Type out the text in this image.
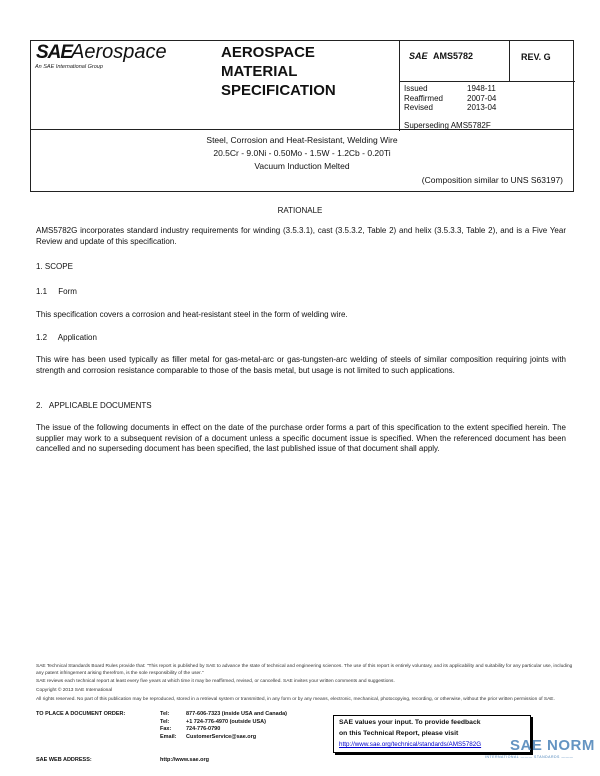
SAE
Aerospace
An SAE International Group
AEROSPACE
MATERIAL
SPECIFICATION
SAE AMS5782	REV. G
Issued	1948-11
Reaffirmed	2007-04
Revised	2013-04
Superseding AMS5782F
Steel, Corrosion and Heat-Resistant, Welding Wire
20.5Cr - 9.0Ni - 0.50Mo - 1.5W - 1.2Cb - 0.20Ti
Vacuum Induction Melted
(Composition similar to UNS S63197)
RATIONALE
AMS5782G incorporates standard industry requirements for winding (3.5.3.1), cast (3.5.3.2, Table 2) and helix (3.5.3.3, Table 2), and is a Five Year Review and update of this specification.
1. SCOPE
1.1     Form
This specification covers a corrosion and heat-resistant steel in the form of welding wire.
1.2     Application
This wire has been used typically as filler metal for gas-metal-arc or gas-tungsten-arc welding of steels of similar composition requiring joints with strength and corrosion resistance comparable to those of the basis metal, but usage is not limited to such applications.
2.   APPLICABLE DOCUMENTS
The issue of the following documents in effect on the date of the purchase order forms a part of this specification to the extent specified herein. The supplier may work to a subsequent revision of a document unless a specific document issue is specified. When the referenced document has been cancelled and no superseding document has been specified, the last published issue of that document shall apply.
SAE Technical Standards Board Rules provide that: "This report is published by SAE to advance the state of technical and engineering sciences. The use of this report is entirely voluntary, and its applicability and suitability for any particular use, including any patent infringement arising therefrom, is the sole responsibility of the user."
SAE reviews each technical report at least every five years at which time it may be reaffirmed, revised, or cancelled. SAE invites your written comments and suggestions.
Copyright © 2013 SAE International
All rights reserved. No part of this publication may be reproduced, stored in a retrieval system or transmitted, in any form or by any means, electronic, mechanical, photocopying, recording, or otherwise, without the prior written permission of SAE.
TO PLACE A DOCUMENT ORDER:	Tel:	877-606-7323 (inside USA and Canada)
Tel:	+1 724-776-4970 (outside USA)
Fax:	724-776-0790
Email:	CustomerService@sae.org
SAE WEB ADDRESS:	http://www.sae.org
SAE values your input. To provide feedback
on this Technical Report, please visit
http://www.sae.org/technical/standards/AMS5782G SAE NORM
INTERNATIONAL ——— STANDARDS ———
